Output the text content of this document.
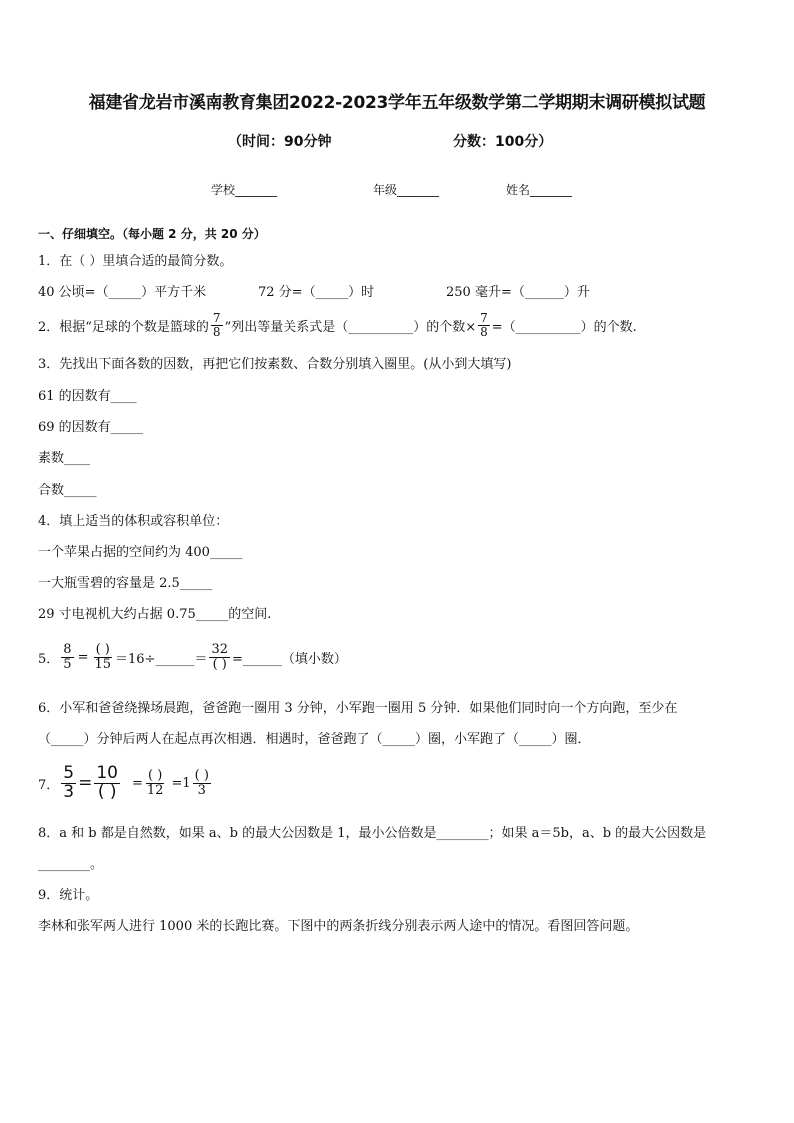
福建省龙岩市溪南教育集团2022-2023学年五年级数学第二学期期末调研模拟试题
（时间：90分钟	分数：100分）
学校_______	年级_______	姓名_______
一、仔细填空。（每小题 2 分，共 20 分）
1．在（ ）里填合适的最简分数。
40 公顷=（_____）平方千米	72 分=（_____）时	250 毫升=（______）升
2．根据“足球的个数是篮球的 $\frac{7}{8}$ ”列出等量关系式是（__________）的个数× $\frac{7}{8}$ =（__________）的个数.
3．先找出下面各数的因数，再把它们按素数、合数分别填入圈里。(从小到大填写)
61 的因数有____
69 的因数有_____
素数____
合数_____
4．填上适当的体积或容积单位：
一个苹果占据的空间约为 400_____
一大瓶雪碧的容量是 2.5_____
29 寸电视机大约占据 0.75_____的空间.
5． $\frac{8}{5} = \frac{( )}{15}$ ＝16÷______＝ $\frac{32}{( )}$ =______（填小数）
6．小军和爸爸绕操场晨跑，爸爸跑一圈用 3 分钟，小军跑一圈用 5 分钟．如果他们同时向一个方向跑，至少在
（_____）分钟后两人在起点再次相遇．相遇时，爸爸跑了（_____）圈，小军跑了（_____）圈．
7． $\frac{5}{3} = \frac{10}{( )} = \frac{( )}{12} = 1 \frac{( )}{3}$
8．a 和 b 都是自然数，如果 a、b 的最大公因数是 1，最小公倍数是________；如果 a＝5b，a、b 的最大公因数是
________。
9．统计。
李林和张军两人进行 1000 米的长跑比赛。下图中的两条折线分别表示两人途中的情况。看图回答问题。
